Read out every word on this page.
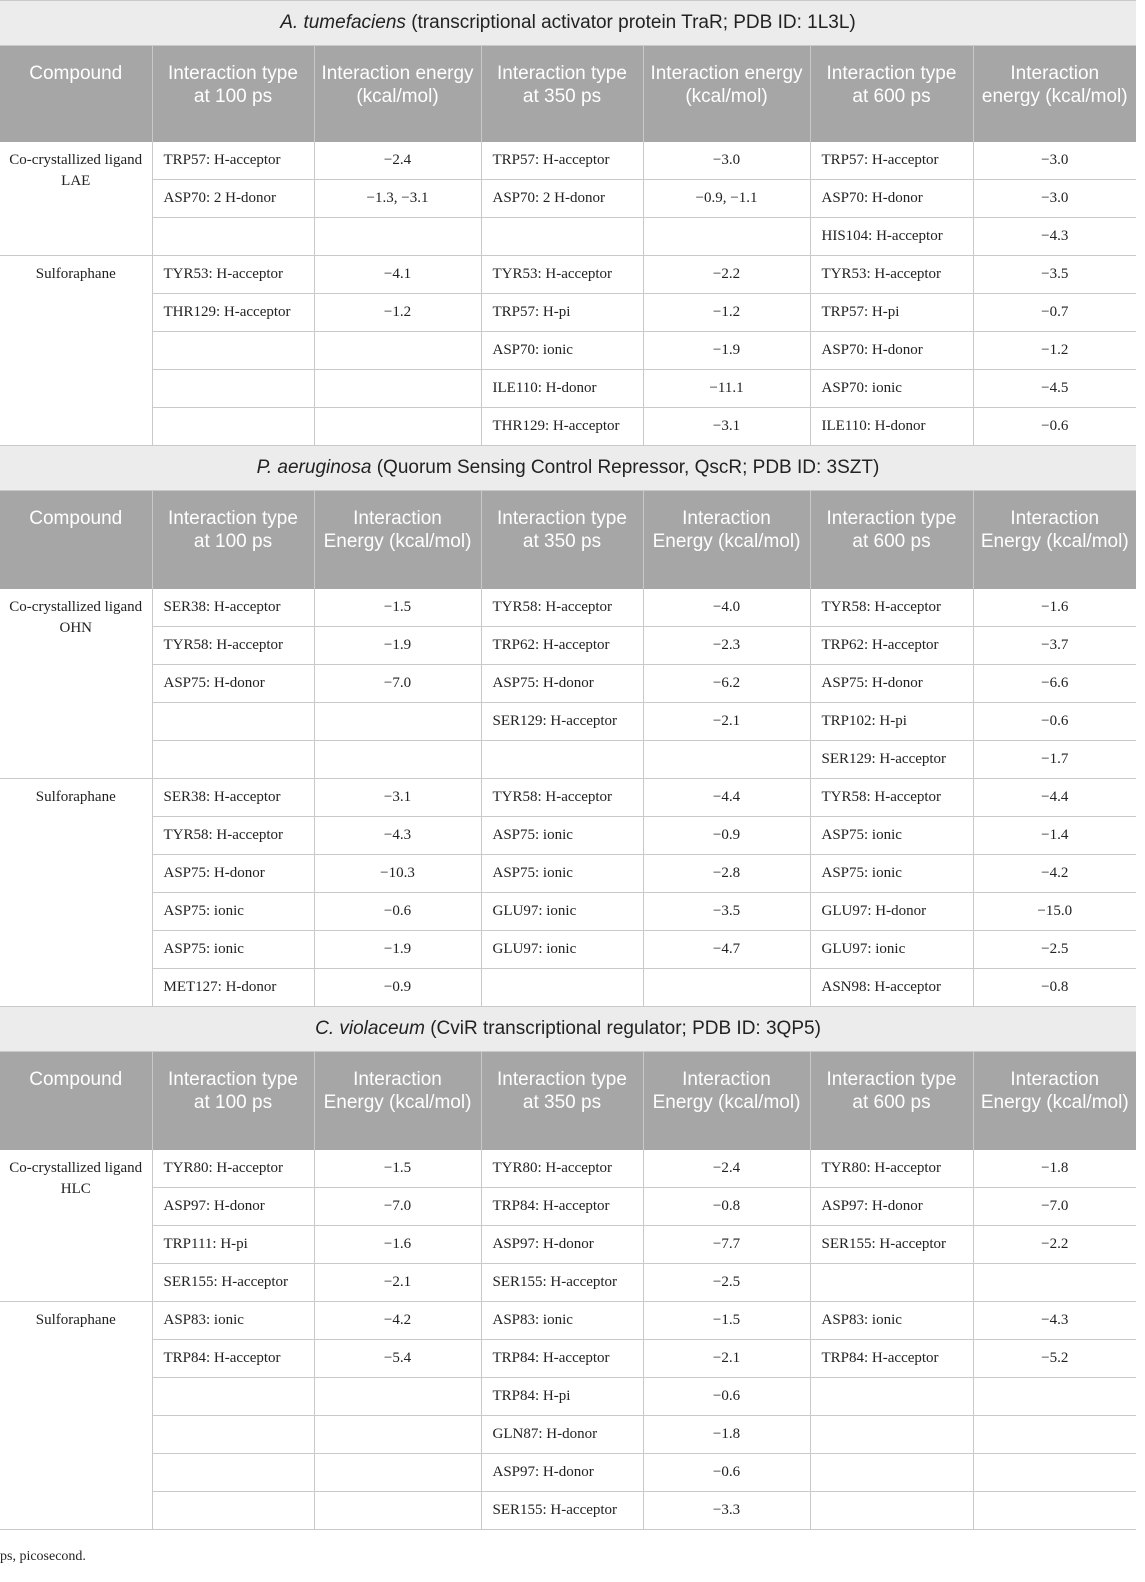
A. tumefaciens (transcriptional activator protein TraR; PDB ID: 1L3L)						
Compound	Interaction type at 100 ps	Interaction energy (kcal/mol)	Interaction type at 350 ps	Interaction energy (kcal/mol)	Interaction type at 600 ps	Interaction energy (kcal/mol)
Co-crystallized ligand LAE	TRP57: H-acceptor	−2.4	TRP57: H-acceptor	−3.0	TRP57: H-acceptor	−3.0
	ASP70: 2 H-donor	−1.3, −3.1	ASP70: 2 H-donor	−0.9, −1.1	ASP70: H-donor	−3.0
					HIS104: H-acceptor	−4.3
Sulforaphane	TYR53: H-acceptor	−4.1	TYR53: H-acceptor	−2.2	TYR53: H-acceptor	−3.5
	THR129: H-acceptor	−1.2	TRP57: H-pi	−1.2	TRP57: H-pi	−0.7
			ASP70: ionic	−1.9	ASP70: H-donor	−1.2
			ILE110: H-donor	−11.1	ASP70: ionic	−4.5
			THR129: H-acceptor	−3.1	ILE110: H-donor	−0.6
P. aeruginosa (Quorum Sensing Control Repressor, QscR; PDB ID: 3SZT)						
Compound	Interaction type at 100 ps	Interaction Energy (kcal/mol)	Interaction type at 350 ps	Interaction Energy (kcal/mol)	Interaction type at 600 ps	Interaction Energy (kcal/mol)
Co-crystallized ligand OHN	SER38: H-acceptor	−1.5	TYR58: H-acceptor	−4.0	TYR58: H-acceptor	−1.6
	TYR58: H-acceptor	−1.9	TRP62: H-acceptor	−2.3	TRP62: H-acceptor	−3.7
	ASP75: H-donor	−7.0	ASP75: H-donor	−6.2	ASP75: H-donor	−6.6
			SER129: H-acceptor	−2.1	TRP102: H-pi	−0.6
					SER129: H-acceptor	−1.7
Sulforaphane	SER38: H-acceptor	−3.1	TYR58: H-acceptor	−4.4	TYR58: H-acceptor	−4.4
	TYR58: H-acceptor	−4.3	ASP75: ionic	−0.9	ASP75: ionic	−1.4
	ASP75: H-donor	−10.3	ASP75: ionic	−2.8	ASP75: ionic	−4.2
	ASP75: ionic	−0.6	GLU97: ionic	−3.5	GLU97: H-donor	−15.0
	ASP75: ionic	−1.9	GLU97: ionic	−4.7	GLU97: ionic	−2.5
	MET127: H-donor	−0.9			ASN98: H-acceptor	−0.8
C. violaceum (CviR transcriptional regulator; PDB ID: 3QP5)						
Compound	Interaction type at 100 ps	Interaction Energy (kcal/mol)	Interaction type at 350 ps	Interaction Energy (kcal/mol)	Interaction type at 600 ps	Interaction Energy (kcal/mol)
Co-crystallized ligand HLC	TYR80: H-acceptor	−1.5	TYR80: H-acceptor	−2.4	TYR80: H-acceptor	−1.8
	ASP97: H-donor	−7.0	TRP84: H-acceptor	−0.8	ASP97: H-donor	−7.0
	TRP111: H-pi	−1.6	ASP97: H-donor	−7.7	SER155: H-acceptor	−2.2
	SER155: H-acceptor	−2.1	SER155: H-acceptor	−2.5		
Sulforaphane	ASP83: ionic	−4.2	ASP83: ionic	−1.5	ASP83: ionic	−4.3
	TRP84: H-acceptor	−5.4	TRP84: H-acceptor	−2.1	TRP84: H-acceptor	−5.2
			TRP84: H-pi	−0.6		
			GLN87: H-donor	−1.8		
			ASP97: H-donor	−0.6		
			SER155: H-acceptor	−3.3		
ps, picosecond.
